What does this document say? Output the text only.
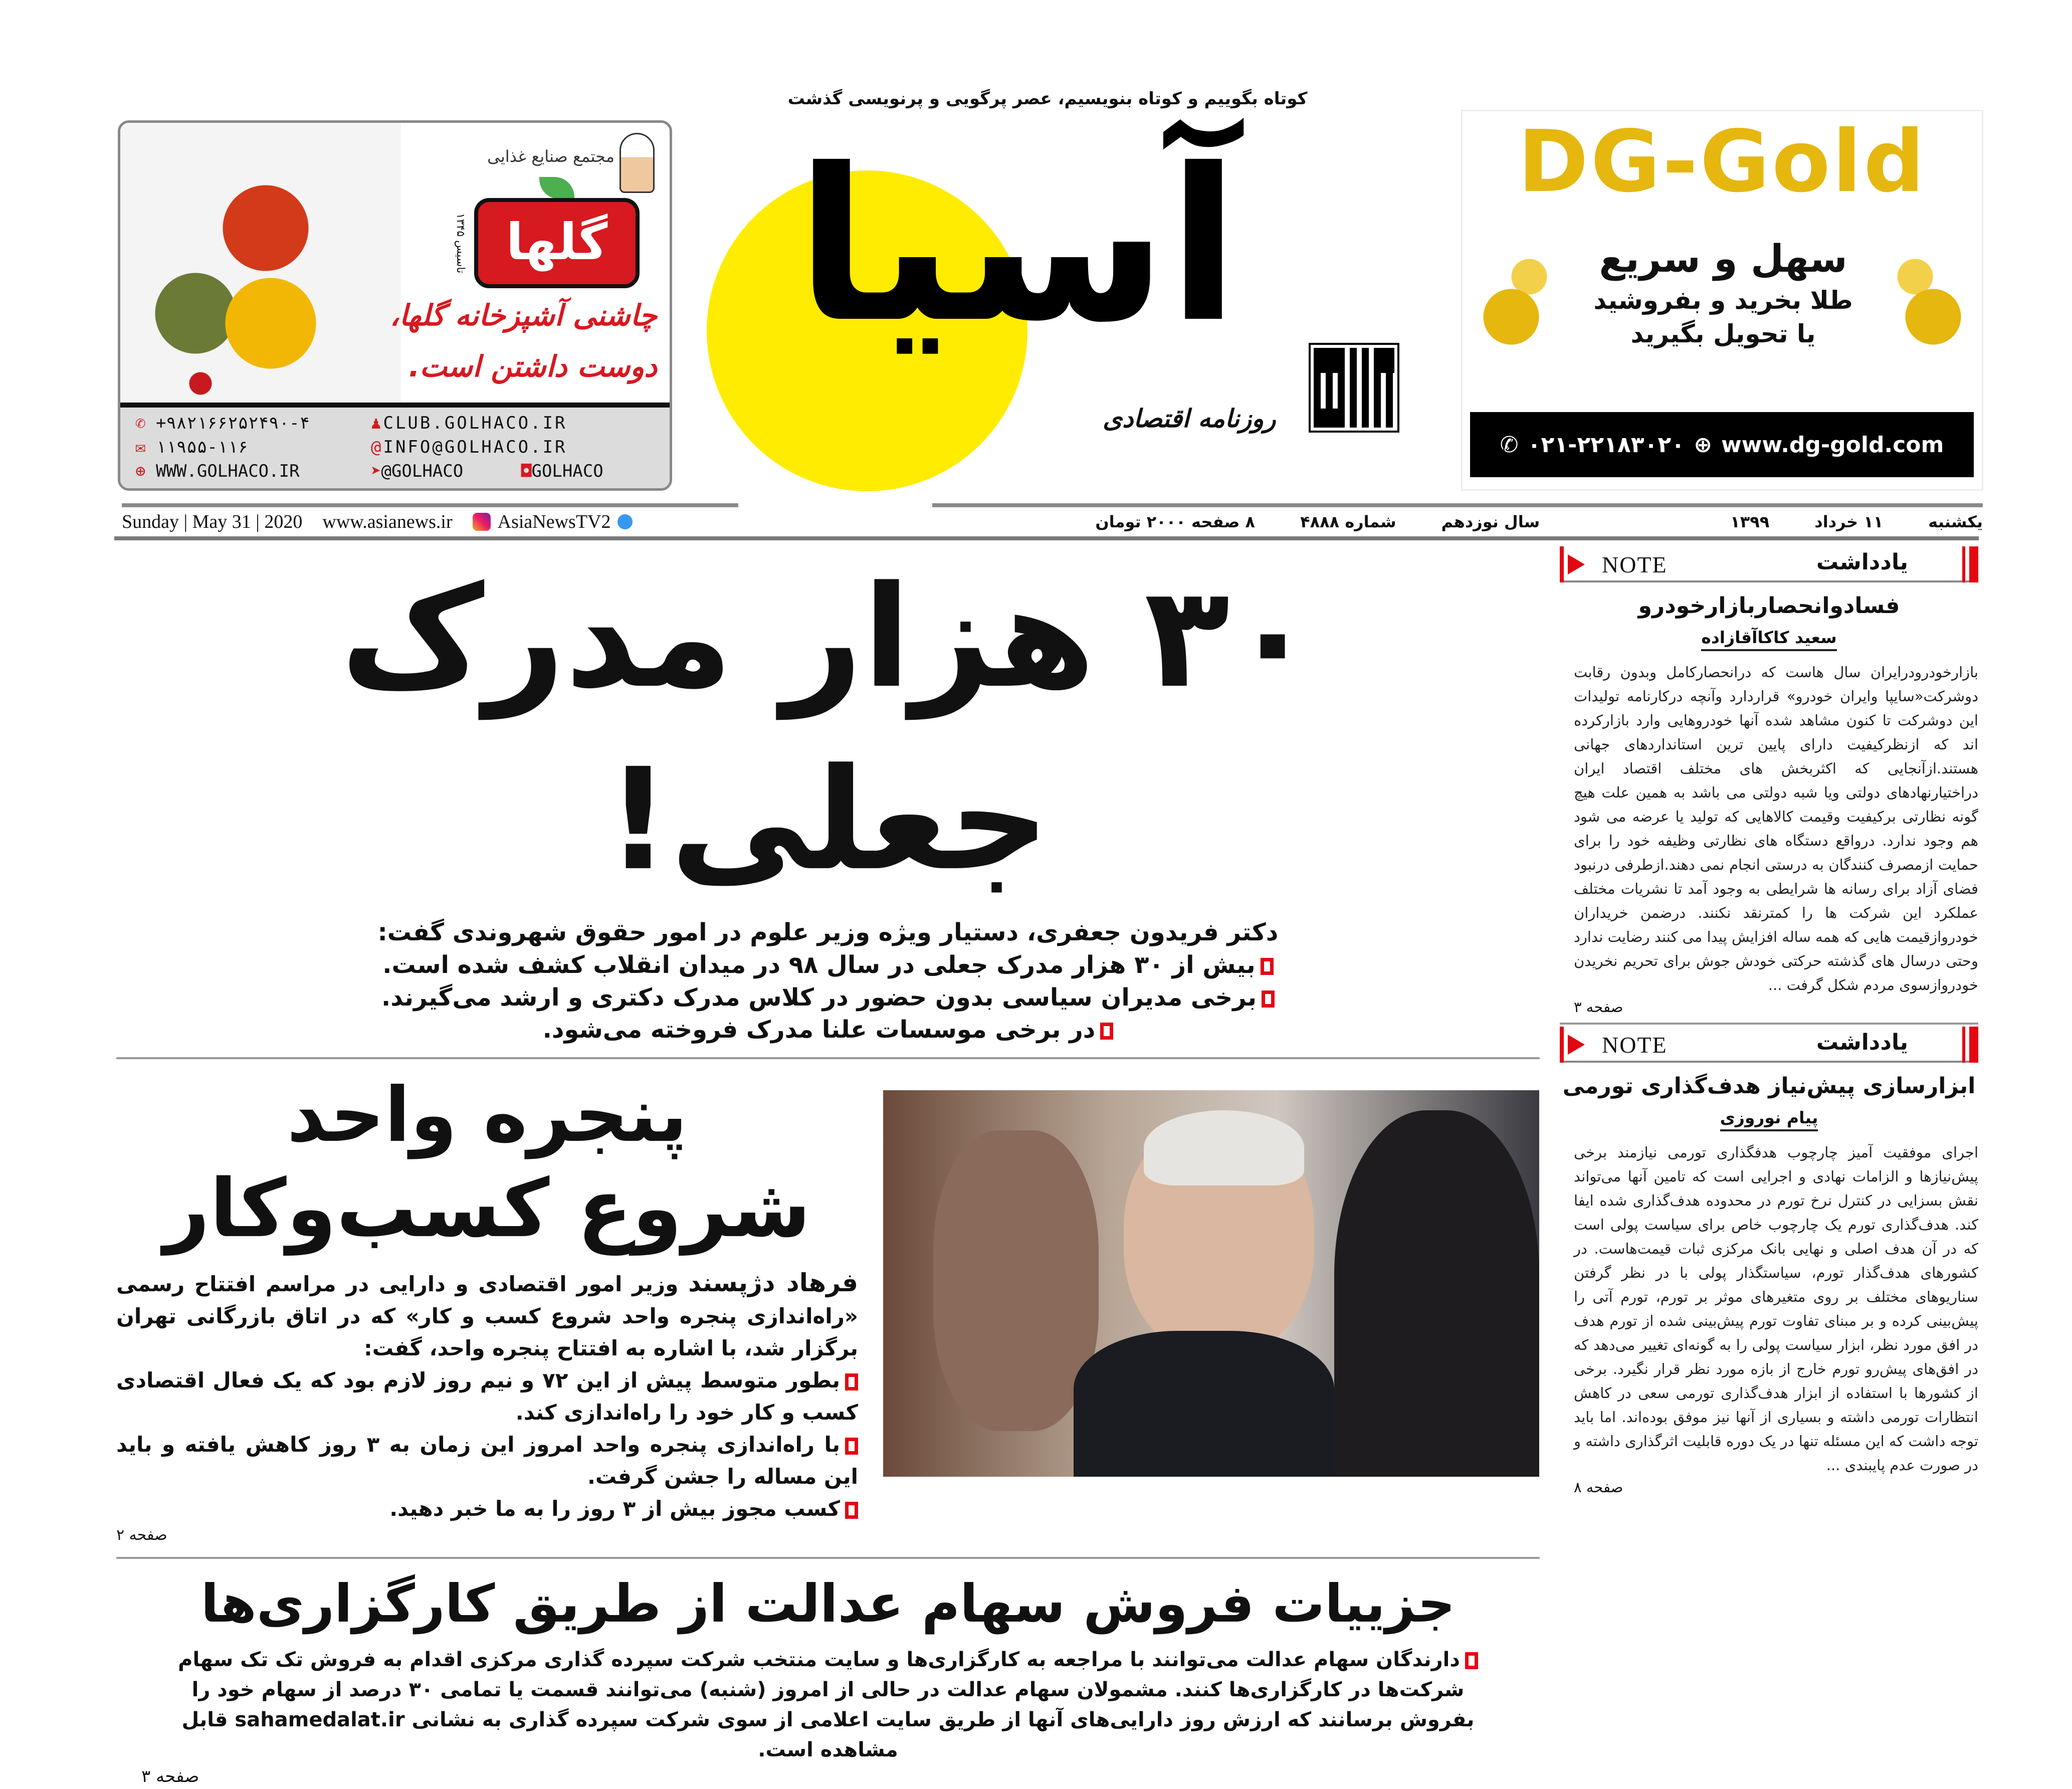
کوتاه بگوییم و کوتاه بنویسیم، عصر پرگویی و پرنویسی گذشت
آسیا
روزنامه اقتصادی
مجتمع صنایع غذایی
گلها
تاسیس ۱۳۴۵
چاشنی آشپزخانه گلها،
دوست داشتن است.
✆ +۹۸۲۱۶۶۲۵۲۴۹۰-۴
✉ ۱۱۹۵۵-۱۱۶
⊕ WWW.GOLHACO.IR
♟CLUB.GOLHACO.IR
@INFO@GOLHACO.IR
➤@GOLHACO	◘GOLHACO
DG-Gold
سهل و سریع
طلا بخرید و بفروشید
یا تحویل بگیرید
✆ ۰۲۱-۲۲۱۸۳۰۲۰ ⊕ www.dg-gold.com
Sunday | May 31 | 2020 www.asianews.ir AsiaNewsTV2	یکشنبه
۱۱ خرداد
۱۳۹۹
سال نوزدهم
شماره ۴۸۸۸
۸ صفحه ۲۰۰۰ تومان
۳۰ هزار مدرک جعلی!
دکتر فریدون جعفری، دستیار ویژه وزیر علوم در امور حقوق شهروندی گفت:
بیش از ۳۰ هزار مدرک جعلی در سال ۹۸ در میدان انقلاب کشف شده است.
برخی مدیران سیاسی بدون حضور در کلاس مدرک دکتری و ارشد می‌گیرند.
در برخی موسسات علنا مدرک فروخته می‌شود.
پنجره واحد
شروع کسب‌وکار
فرهاد دژپسند وزیر امور اقتصادی و دارایی در مراسم افتتاح رسمی «راه‌اندازی پنجره واحد شروع کسب و کار» که در اتاق بازرگانی تهران برگزار شد، با اشاره به افتتاح پنجره واحد، گفت:
بطور متوسط پیش از این ۷۲ و نیم روز لازم بود که یک فعال اقتصادی کسب و کار خود را راه‌اندازی کند.
با راه‌اندازی پنجره واحد امروز این زمان به ۳ روز کاهش یافته و باید این مساله را جشن گرفت.
کسب مجوز بیش از ۳ روز را به ما خبر دهید.
صفحه ۲
جزییات فروش سهام عدالت از طریق کارگزاری‌ها
دارندگان سهام عدالت می‌توانند با مراجعه به کارگزاری‌ها و سایت منتخب شرکت سپرده گذاری مرکزی اقدام به فروش تک تک سهام شرکت‌ها در کارگزاری‌ها کنند. مشمولان سهام عدالت در حالی از امروز (شنبه) می‌توانند قسمت یا تمامی ۳۰ درصد از سهام خود را بفروش برسانند که ارزش روز دارایی‌های آنها از طریق سایت اعلامی از سوی شرکت سپرده گذاری به نشانی sahamedalat.ir قابل مشاهده است.
صفحه ۳
NOTE	یادداشت
فسادوانحصاربازارخودرو
سعید کاکاآقازاده
بازارخودرودرایران سال هاست که درانحصارکامل وبدون رقابت دوشرکت«سایپا وایران خودرو» قراردارد وآنچه درکارنامه تولیدات این دوشرکت تا کنون مشاهد شده آنها خودروهایی وارد بازارکرده اند که ازنظرکیفیت دارای پایین ترین استانداردهای جهانی هستند.ازآنجایی که اکثربخش های مختلف اقتصاد ایران دراختیارنهادهای دولتی ویا شبه دولتی می باشد به همین علت هیچ گونه نظارتی برکیفیت وقیمت کالاهایی که تولید یا عرضه می شود هم وجود ندارد. درواقع دستگاه های نظارتی وظیفه خود را برای حمایت ازمصرف کنندگان به درستی انجام نمی دهند.ازطرفی درنبود فضای آزاد برای رسانه ها شرایطی به وجود آمد تا نشریات مختلف عملکرد این شرکت ها را کمترنقد نکنند. درضمن خریداران خودروازقیمت هایی که همه ساله افزایش پیدا می کنند رضایت ندارد وحتی درسال های گذشته حرکتی خودش جوش برای تحریم نخریدن خودروازسوی مردم شکل گرفت ...
صفحه ۳
NOTE	یادداشت
ابزارسازی پیش‌نیاز هدف‌گذاری تورمی
پیام نوروزی
اجرای موفقیت آمیز چارچوب هدفگذاری تورمی نیازمند برخی پیش‌نیازها و الزامات نهادی و اجرایی است که تامین آنها می‌تواند نقش بسزایی در کنترل نرخ تورم در محدوده هدف‌گذاری شده ایفا کند. هدف‌گذاری تورم یک چارچوب خاص برای سیاست پولی است که در آن هدف اصلی و نهایی بانک مرکزی ثبات قیمت‌هاست. در کشورهای هدف‌گذار تورم، سیاستگذار پولی با در نظر گرفتن سناریوهای مختلف بر روی متغیرهای موثر بر تورم، تورم آتی را پیش‌بینی کرده و بر مبنای تفاوت تورم پیش‌بینی شده از تورم هدف در افق مورد نظر، ابزار سیاست پولی را به گونه‌ای تغییر می‌دهد که در افق‌های پیش‌رو تورم خارج از بازه مورد نظر قرار نگیرد. برخی از کشورها با استفاده از ابزار هدف‌گذاری تورمی سعی در کاهش انتظارات تورمی داشته و بسیاری از آنها نیز موفق بوده‌اند. اما باید توجه داشت که این مسئله تنها در یک دوره قابلیت اثرگذاری داشته و در صورت عدم پایبندی ...
صفحه ۸
